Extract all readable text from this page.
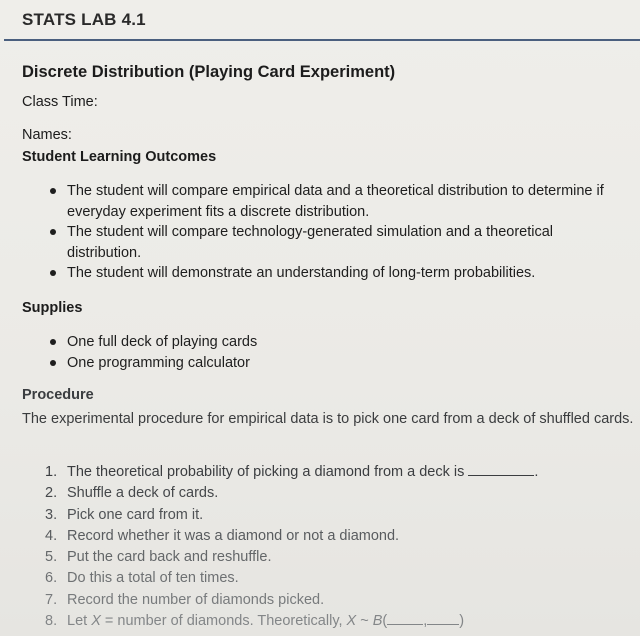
STATS LAB 4.1
Discrete Distribution (Playing Card Experiment)
Class Time:
Names:
Student Learning Outcomes
The student will compare empirical data and a theoretical distribution to determine if everyday experiment fits a discrete distribution.
The student will compare technology-generated simulation and a theoretical distribution.
The student will demonstrate an understanding of long-term probabilities.
Supplies
One full deck of playing cards
One programming calculator
Procedure
The experimental procedure for empirical data is to pick one card from a deck of shuffled cards.
1. The theoretical probability of picking a diamond from a deck is	.
2. Shuffle a deck of cards.
3. Pick one card from it.
4. Record whether it was a diamond or not a diamond.
5. Put the card back and reshuffle.
6. Do this a total of ten times.
7. Record the number of diamonds picked.
8. Let X = number of diamonds. Theoretically, X ~ B( , )
